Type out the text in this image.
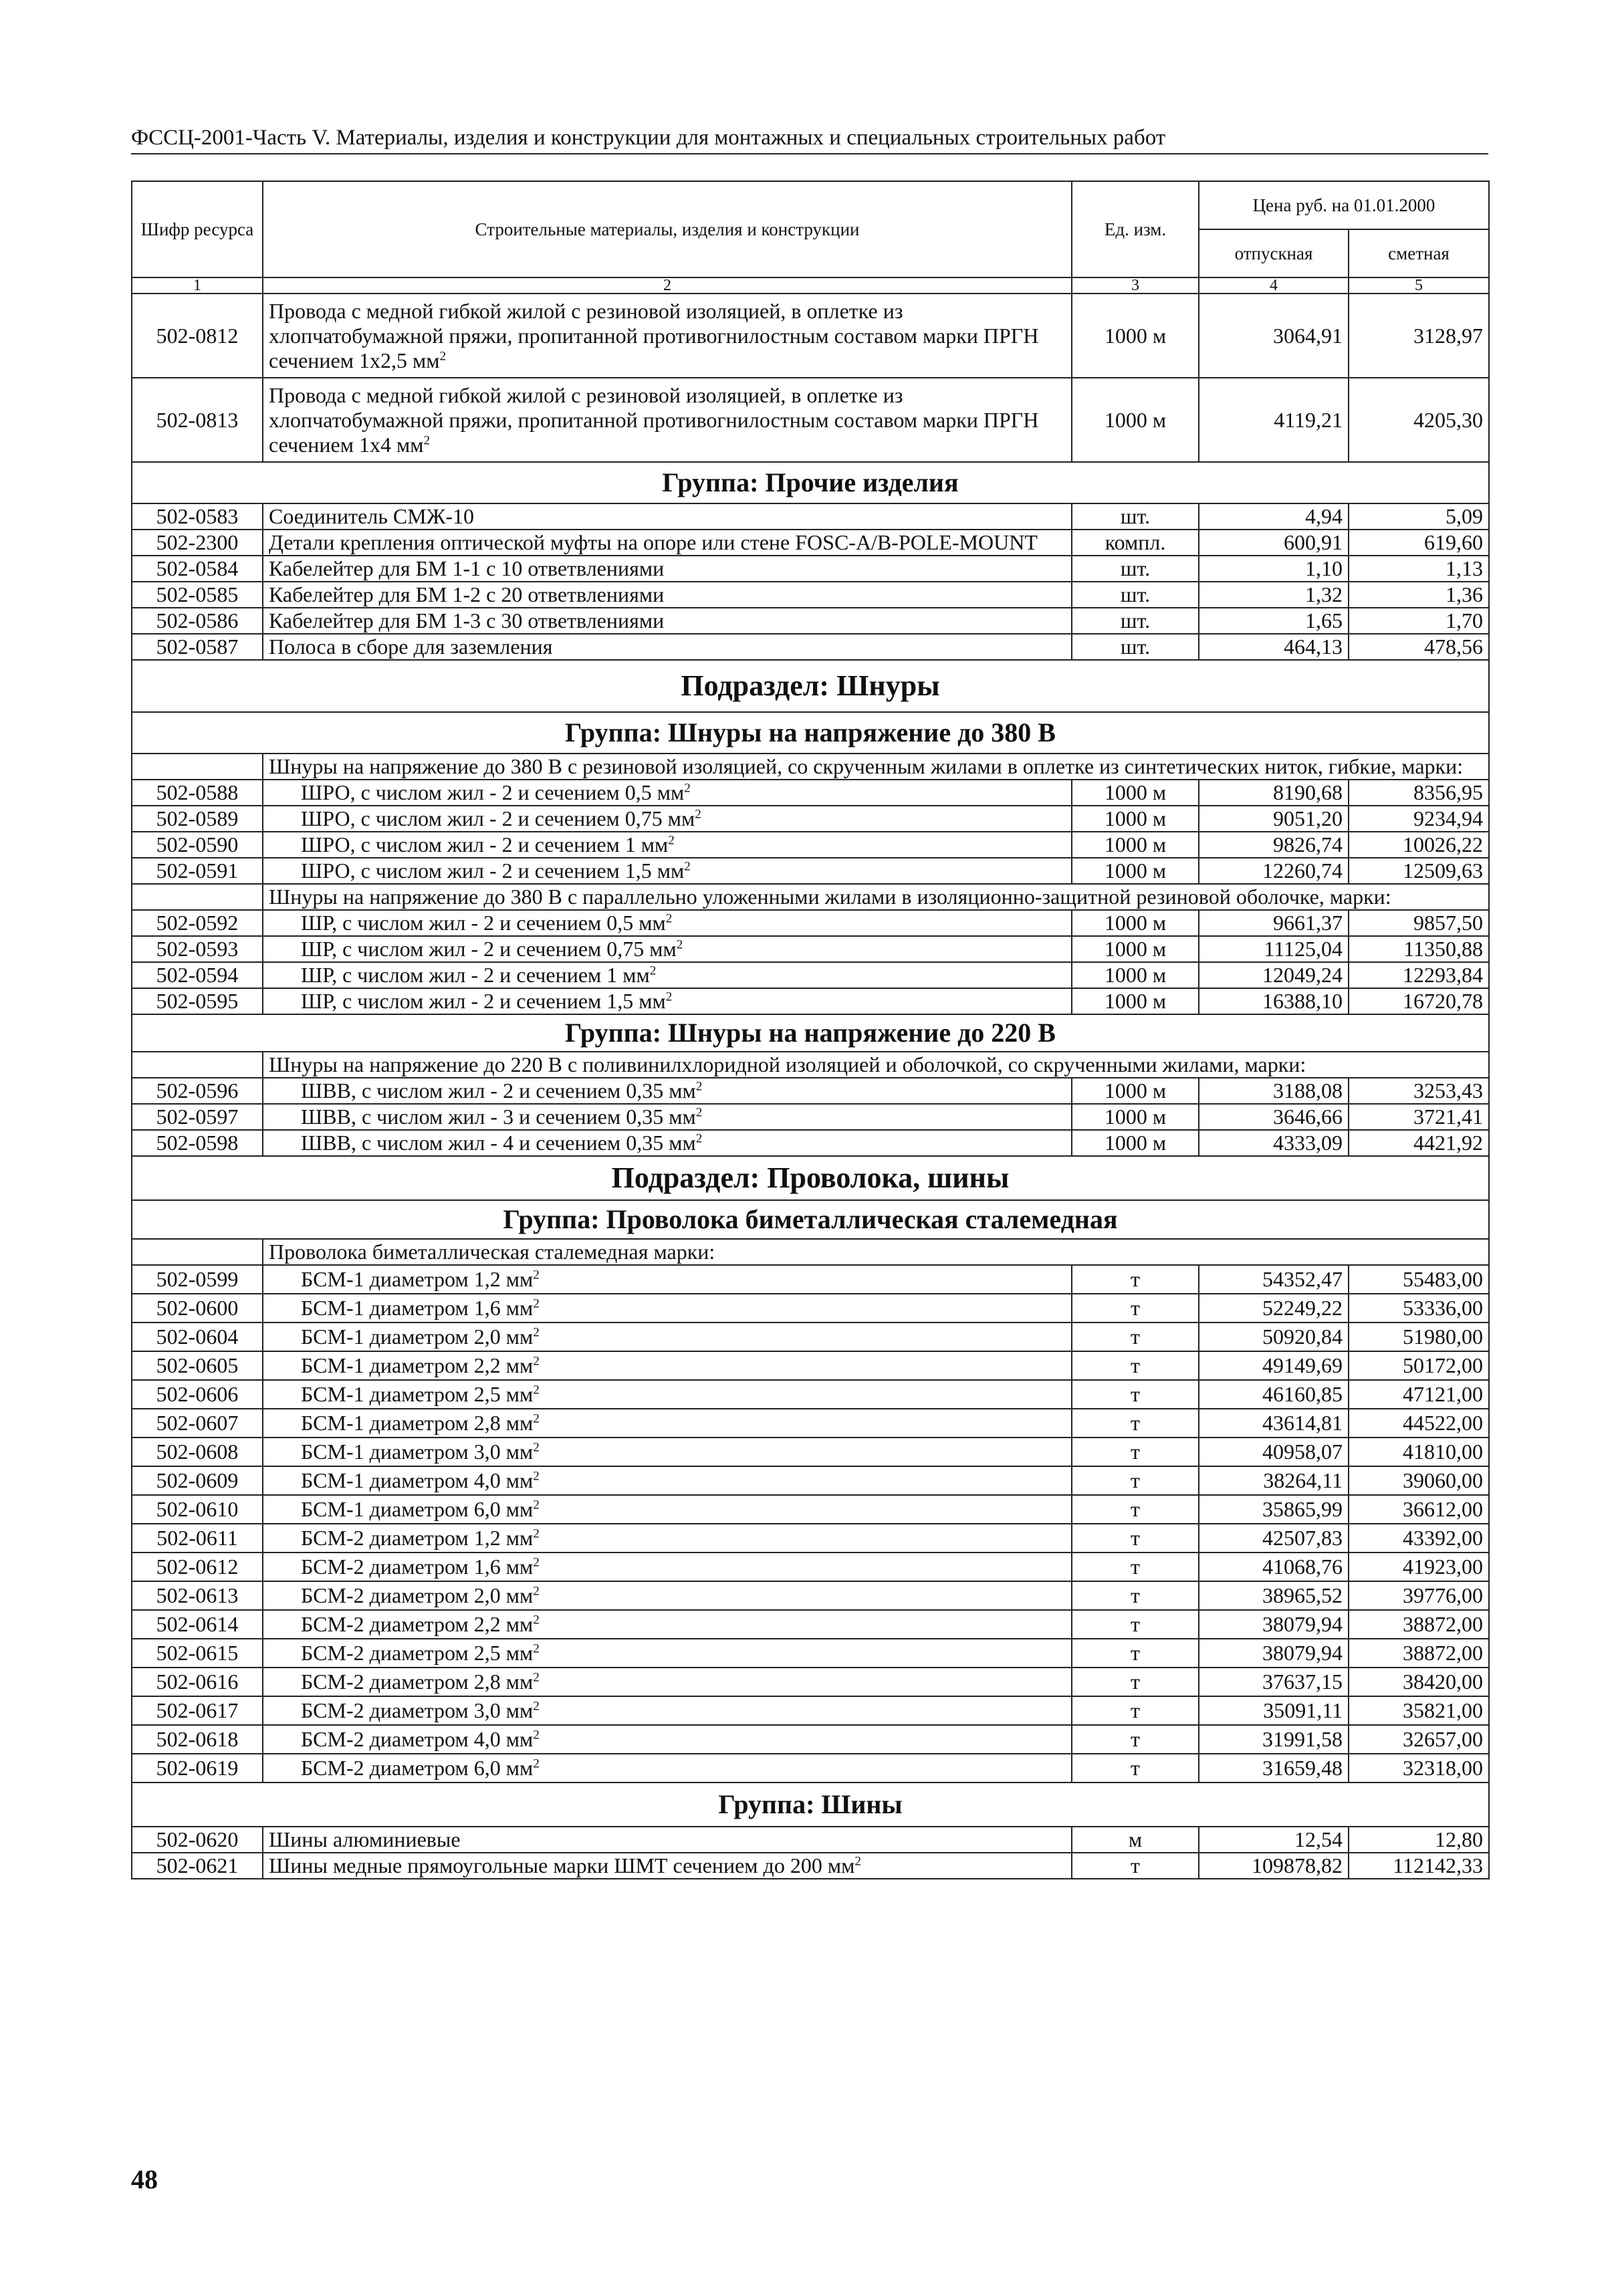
ФССЦ-2001-Часть V. Материалы, изделия и конструкции для монтажных и специальных строительных работ
Шифр ресурса	Строительные материалы, изделия и конструкции	Ед. изм.	Цена руб. на 01.01.2000	
			отпускная	сметная
1	2	3	4	5
502-0812	Провода с медной гибкой жилой с резиновой изоляцией, в оплетке из хлопчатобумажной пряжи, пропитанной противогнилостным составом марки ПРГН сечением 1х2,5 $мм^2$	1000 м	3064,91	3128,97
502-0813	Провода с медной гибкой жилой с резиновой изоляцией, в оплетке из хлопчатобумажной пряжи, пропитанной противогнилостным составом марки ПРГН сечением 1х4 $мм^2$	1000 м	4119,21	4205,30
Группа: Прочие изделия				
502-0583	Соединитель СМЖ-10	шт.	4,94	5,09
502-2300	Детали крепления оптической муфты на опоре или стене FOSC-A/B-POLE-MOUNT	компл.	600,91	619,60
502-0584	Кабелейтер для БМ 1-1 с 10 ответвлениями	шт.	1,10	1,13
502-0585	Кабелейтер для БМ 1-2 с 20 ответвлениями	шт.	1,32	1,36
502-0586	Кабелейтер для БМ 1-3 с 30 ответвлениями	шт.	1,65	1,70
502-0587	Полоса в сборе для заземления	шт.	464,13	478,56
Подраздел: Шнуры				
Группа: Шнуры на напряжение до 380 В				
	Шнуры на напряжение до 380 В с резиновой изоляцией, со скрученным жилами в оплетке из синтетических ниток, гибкие, марки:			
502-0588	ШРО, с числом жил - 2 и сечением 0,5 $мм^2$	1000 м	8190,68	8356,95
502-0589	ШРО, с числом жил - 2 и сечением 0,75 $мм^2$	1000 м	9051,20	9234,94
502-0590	ШРО, с числом жил - 2 и сечением 1 $мм^2$	1000 м	9826,74	10026,22
502-0591	ШРО, с числом жил - 2 и сечением 1,5 $мм^2$	1000 м	12260,74	12509,63
	Шнуры на напряжение до 380 В с параллельно уложенными жилами в изоляционно-защитной резиновой оболочке, марки:			
502-0592	ШР, с числом жил - 2 и сечением 0,5 $мм^2$	1000 м	9661,37	9857,50
502-0593	ШР, с числом жил - 2 и сечением 0,75 $мм^2$	1000 м	11125,04	11350,88
502-0594	ШР, с числом жил - 2 и сечением 1 $мм^2$	1000 м	12049,24	12293,84
502-0595	ШР, с числом жил - 2 и сечением 1,5 $мм^2$	1000 м	16388,10	16720,78
Группа: Шнуры на напряжение до 220 В				
	Шнуры на напряжение до 220 В с поливинилхлоридной изоляцией и оболочкой, со скрученными жилами, марки:			
502-0596	ШВВ, с числом жил - 2 и сечением 0,35 $мм^2$	1000 м	3188,08	3253,43
502-0597	ШВВ, с числом жил - 3 и сечением 0,35 $мм^2$	1000 м	3646,66	3721,41
502-0598	ШВВ, с числом жил - 4 и сечением 0,35 $мм^2$	1000 м	4333,09	4421,92
Подраздел: Проволока, шины				
Группа: Проволока биметаллическая сталемедная				
	Проволока биметаллическая сталемедная марки:			
502-0599	БСМ-1 диаметром 1,2 $мм^2$	т	54352,47	55483,00
502-0600	БСМ-1 диаметром 1,6 $мм^2$	т	52249,22	53336,00
502-0604	БСМ-1 диаметром 2,0 $мм^2$	т	50920,84	51980,00
502-0605	БСМ-1 диаметром 2,2 $мм^2$	т	49149,69	50172,00
502-0606	БСМ-1 диаметром 2,5 $мм^2$	т	46160,85	47121,00
502-0607	БСМ-1 диаметром 2,8 $мм^2$	т	43614,81	44522,00
502-0608	БСМ-1 диаметром 3,0 $мм^2$	т	40958,07	41810,00
502-0609	БСМ-1 диаметром 4,0 $мм^2$	т	38264,11	39060,00
502-0610	БСМ-1 диаметром 6,0 $мм^2$	т	35865,99	36612,00
502-0611	БСМ-2 диаметром 1,2 $мм^2$	т	42507,83	43392,00
502-0612	БСМ-2 диаметром 1,6 $мм^2$	т	41068,76	41923,00
502-0613	БСМ-2 диаметром 2,0 $мм^2$	т	38965,52	39776,00
502-0614	БСМ-2 диаметром 2,2 $мм^2$	т	38079,94	38872,00
502-0615	БСМ-2 диаметром 2,5 $мм^2$	т	38079,94	38872,00
502-0616	БСМ-2 диаметром 2,8 $мм^2$	т	37637,15	38420,00
502-0617	БСМ-2 диаметром 3,0 $мм^2$	т	35091,11	35821,00
502-0618	БСМ-2 диаметром 4,0 $мм^2$	т	31991,58	32657,00
502-0619	БСМ-2 диаметром 6,0 $мм^2$	т	31659,48	32318,00
Группа: Шины				
502-0620	Шины алюминиевые	м	12,54	12,80
502-0621	Шины медные прямоугольные марки ШМТ сечением до 200 $мм^2$	т	109878,82	112142,33
48
